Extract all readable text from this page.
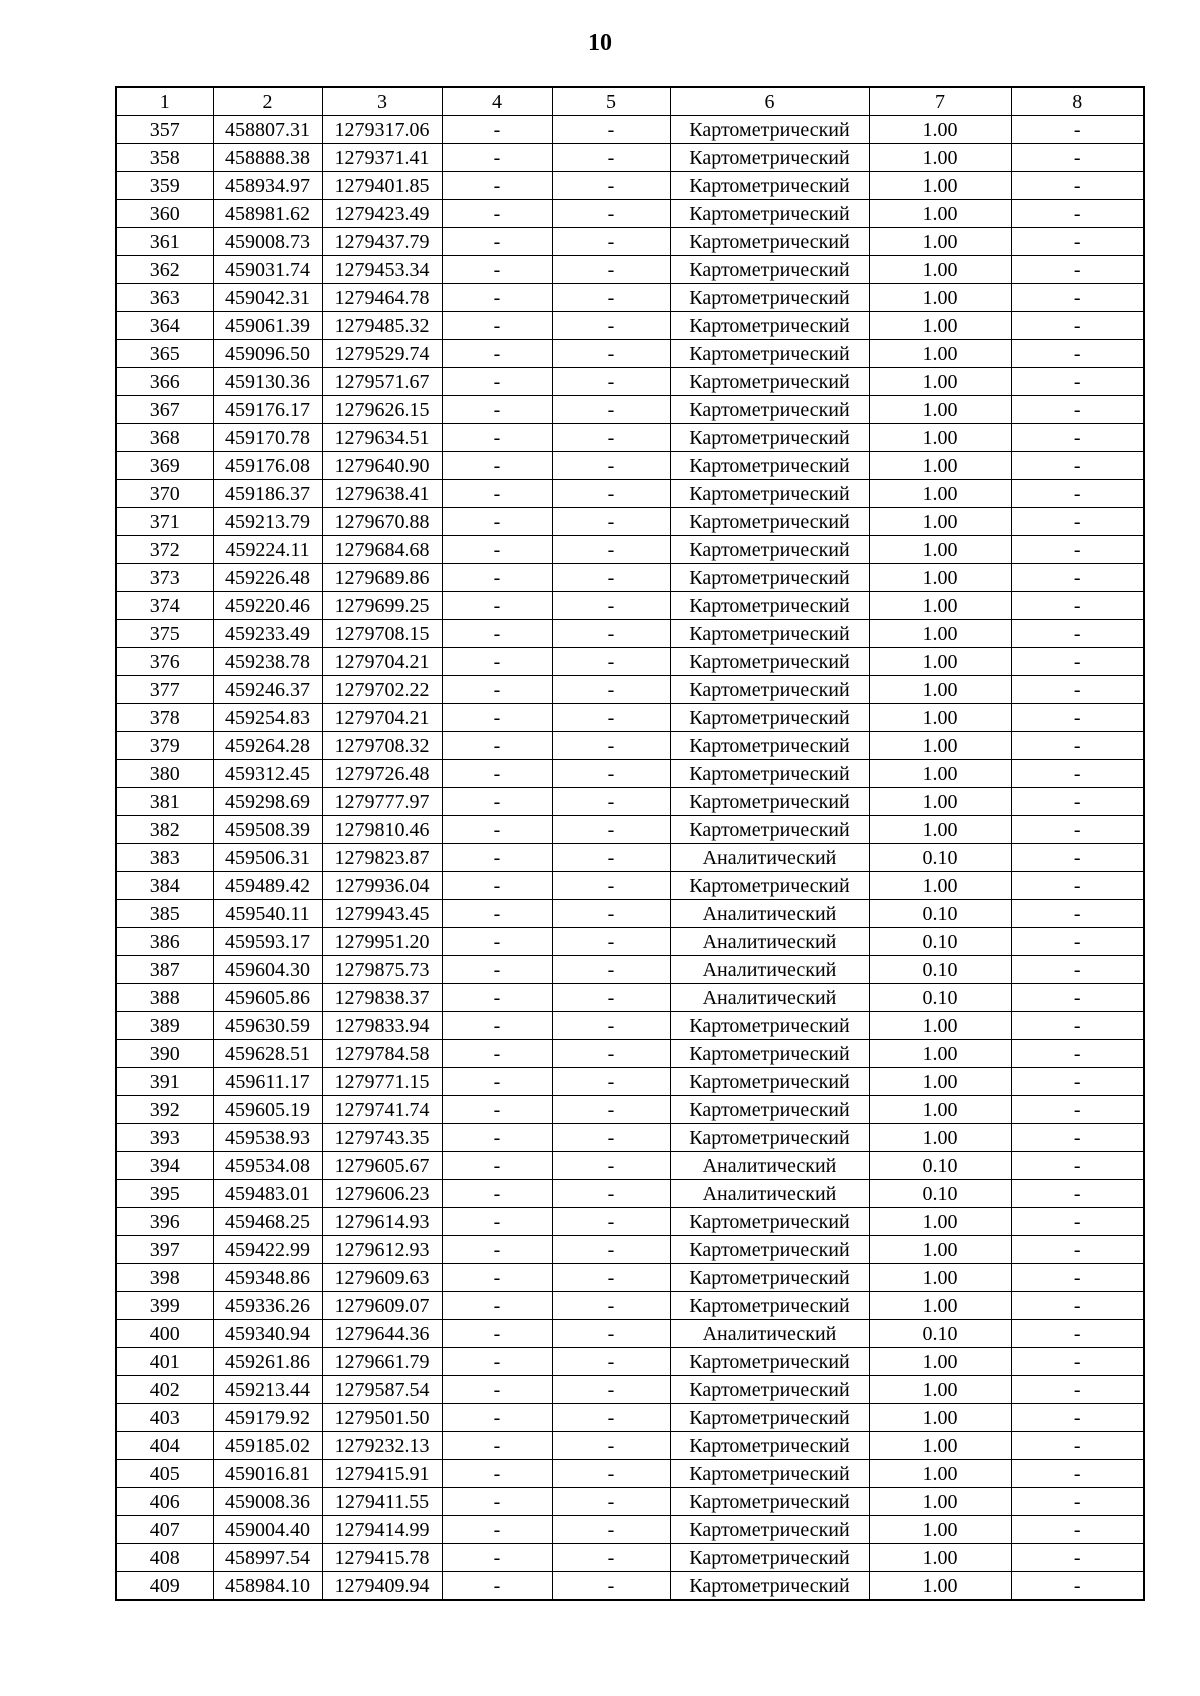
10
1	2	3	4	5	6	7	8
357	458807.31	1279317.06	-	-	Картометрический	1.00	-
358	458888.38	1279371.41	-	-	Картометрический	1.00	-
359	458934.97	1279401.85	-	-	Картометрический	1.00	-
360	458981.62	1279423.49	-	-	Картометрический	1.00	-
361	459008.73	1279437.79	-	-	Картометрический	1.00	-
362	459031.74	1279453.34	-	-	Картометрический	1.00	-
363	459042.31	1279464.78	-	-	Картометрический	1.00	-
364	459061.39	1279485.32	-	-	Картометрический	1.00	-
365	459096.50	1279529.74	-	-	Картометрический	1.00	-
366	459130.36	1279571.67	-	-	Картометрический	1.00	-
367	459176.17	1279626.15	-	-	Картометрический	1.00	-
368	459170.78	1279634.51	-	-	Картометрический	1.00	-
369	459176.08	1279640.90	-	-	Картометрический	1.00	-
370	459186.37	1279638.41	-	-	Картометрический	1.00	-
371	459213.79	1279670.88	-	-	Картометрический	1.00	-
372	459224.11	1279684.68	-	-	Картометрический	1.00	-
373	459226.48	1279689.86	-	-	Картометрический	1.00	-
374	459220.46	1279699.25	-	-	Картометрический	1.00	-
375	459233.49	1279708.15	-	-	Картометрический	1.00	-
376	459238.78	1279704.21	-	-	Картометрический	1.00	-
377	459246.37	1279702.22	-	-	Картометрический	1.00	-
378	459254.83	1279704.21	-	-	Картометрический	1.00	-
379	459264.28	1279708.32	-	-	Картометрический	1.00	-
380	459312.45	1279726.48	-	-	Картометрический	1.00	-
381	459298.69	1279777.97	-	-	Картометрический	1.00	-
382	459508.39	1279810.46	-	-	Картометрический	1.00	-
383	459506.31	1279823.87	-	-	Аналитический	0.10	-
384	459489.42	1279936.04	-	-	Картометрический	1.00	-
385	459540.11	1279943.45	-	-	Аналитический	0.10	-
386	459593.17	1279951.20	-	-	Аналитический	0.10	-
387	459604.30	1279875.73	-	-	Аналитический	0.10	-
388	459605.86	1279838.37	-	-	Аналитический	0.10	-
389	459630.59	1279833.94	-	-	Картометрический	1.00	-
390	459628.51	1279784.58	-	-	Картометрический	1.00	-
391	459611.17	1279771.15	-	-	Картометрический	1.00	-
392	459605.19	1279741.74	-	-	Картометрический	1.00	-
393	459538.93	1279743.35	-	-	Картометрический	1.00	-
394	459534.08	1279605.67	-	-	Аналитический	0.10	-
395	459483.01	1279606.23	-	-	Аналитический	0.10	-
396	459468.25	1279614.93	-	-	Картометрический	1.00	-
397	459422.99	1279612.93	-	-	Картометрический	1.00	-
398	459348.86	1279609.63	-	-	Картометрический	1.00	-
399	459336.26	1279609.07	-	-	Картометрический	1.00	-
400	459340.94	1279644.36	-	-	Аналитический	0.10	-
401	459261.86	1279661.79	-	-	Картометрический	1.00	-
402	459213.44	1279587.54	-	-	Картометрический	1.00	-
403	459179.92	1279501.50	-	-	Картометрический	1.00	-
404	459185.02	1279232.13	-	-	Картометрический	1.00	-
405	459016.81	1279415.91	-	-	Картометрический	1.00	-
406	459008.36	1279411.55	-	-	Картометрический	1.00	-
407	459004.40	1279414.99	-	-	Картометрический	1.00	-
408	458997.54	1279415.78	-	-	Картометрический	1.00	-
409	458984.10	1279409.94	-	-	Картометрический	1.00	-
